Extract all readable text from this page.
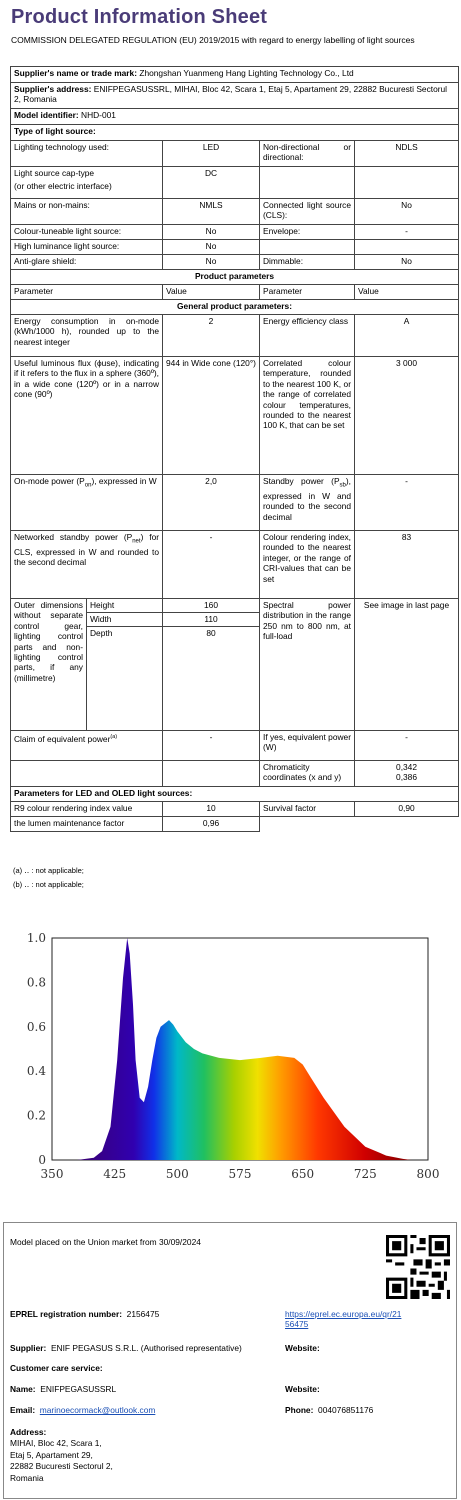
Product Information Sheet
COMMISSION DELEGATED REGULATION (EU) 2019/2015 with regard to energy labelling of light sources
Supplier's name or trade mark: Zhongshan Yuanmeng Hang Lighting Technology Co., Ltd				
Supplier's address: ENIFPEGASUSSRL, MIHAI, Bloc 42, Scara 1, Etaj 5, Apartament 29, 22882 Bucuresti Sectorul 2, Romania				
Model identifier: NHD-001				
Type of light source:				
Lighting technology used:		LED	Non-directional or directional:	NDLS

Light source cap-type
(or other electric interface)		DC		
Mains or non-mains:		NMLS	Connected light source (CLS):	No
Colour-tuneable light source:		No	Envelope:	-
High luminance light source:		No		
Anti-glare shield:		No	Dimmable:	No
Product parameters				
Parameter		Value	Parameter	Value
General product parameters:				
Energy consumption in on-mode (kWh/1000 h), rounded up to the nearest integer		2	Energy efficiency class	A
Useful luminous flux (ϕuse), indicating if it refers to the flux in a sphere (360º), in a wide cone (120º) or in a narrow cone (90º)		944 in Wide cone (120°)	Correlated colour temperature, rounded to the nearest 100 K, or the range of correlated colour temperatures, rounded to the nearest 100 K, that can be set	3 000
On-mode power $(P_{on})$, expressed in W		2,0	Standby power $(P_{sb})$, expressed in W and rounded to the second decimal	-
Networked standby power $(P_{net})$ for CLS, expressed in W and rounded to the second decimal		-	Colour rendering index, rounded to the nearest integer, or the range of CRI-values that can be set	83
Outer dimensions without separate control gear, lighting control parts and non-lighting control parts, if any (millimetre)	Height	160	Spectral power distribution in the range 250 nm to 800 nm, at full-load	See image in last page
	Width	110		
	Depth	80		
Claim of equivalent power$^{(a)}$		-	If yes, equivalent power (W)	-
			Chromaticity coordinates (x and y)	0,342
0,386

Parameters for LED and OLED light sources:				
R9 colour rendering index value		10	Survival factor	0,90
the lumen maintenance factor		0,96		
(a) ․․ : not applicable;
(b) ․․ : not applicable;
350	425	500	575	650	725	800
0
0.2
0.4
0.6
0.8
1.0
Model placed on the Union market from 30/09/2024
EPREL registration number: 2156475	https://eprel.ec.europa.eu/qr/21
56475
Supplier: ENIF PEGASUS S.R.L. (Authorised representative)	Website:
Customer care service:
Name: ENIFPEGASUSSRL	Website:
Email: marinoecormack@outlook.com	Phone: 004076851176
Address:
MIHAI, Bloc 42, Scara 1,
Etaj 5, Apartament 29,
22882 Bucuresti Sectorul 2,
Romania
